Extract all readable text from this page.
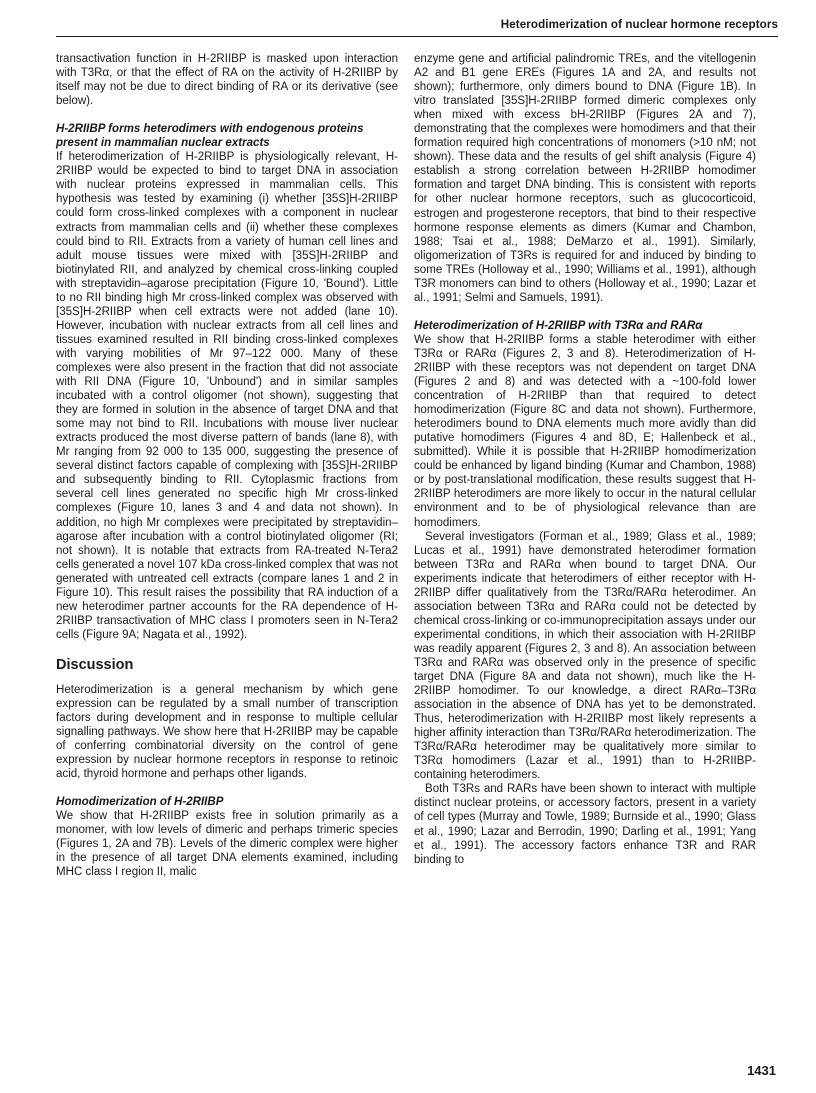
Heterodimerization of nuclear hormone receptors

transactivation function in H-2RIIBP is masked upon interaction with T3Rα, or that the effect of RA on the activity of H-2RIIBP by itself may not be due to direct binding of RA or its derivative (see below).

H-2RIIBP forms heterodimers with endogenous proteins present in mammalian nuclear extracts

If heterodimerization of H-2RIIBP is physiologically relevant, H-2RIIBP would be expected to bind to target DNA in association with nuclear proteins expressed in mammalian cells. This hypothesis was tested by examining (i) whether [35S]H-2RIIBP could form cross-linked complexes with a component in nuclear extracts from mammalian cells and (ii) whether these complexes could bind to RII. Extracts from a variety of human cell lines and adult mouse tissues were mixed with [35S]H-2RIIBP and biotinylated RII, and analyzed by chemical cross-linking coupled with streptavidin–agarose precipitation (Figure 10, 'Bound'). Little to no RII binding high Mr cross-linked complex was observed with [35S]H-2RIIBP when cell extracts were not added (lane 10). However, incubation with nuclear extracts from all cell lines and tissues examined resulted in RII binding cross-linked complexes with varying mobilities of Mr 97–122 000. Many of these complexes were also present in the fraction that did not associate with RII DNA (Figure 10, 'Unbound') and in similar samples incubated with a control oligomer (not shown), suggesting that they are formed in solution in the absence of target DNA and that some may not bind to RII. Incubations with mouse liver nuclear extracts produced the most diverse pattern of bands (lane 8), with Mr ranging from 92 000 to 135 000, suggesting the presence of several distinct factors capable of complexing with [35S]H-2RIIBP and subsequently binding to RII. Cytoplasmic fractions from several cell lines generated no specific high Mr cross-linked complexes (Figure 10, lanes 3 and 4 and data not shown). In addition, no high Mr complexes were precipitated by streptavidin–agarose after incubation with a control biotinylated oligomer (RI; not shown). It is notable that extracts from RA-treated N-Tera2 cells generated a novel 107 kDa cross-linked complex that was not generated with untreated cell extracts (compare lanes 1 and 2 in Figure 10). This result raises the possibility that RA induction of a new heterodimer partner accounts for the RA dependence of H-2RIIBP transactivation of MHC class I promoters seen in N-Tera2 cells (Figure 9A; Nagata et al., 1992).

Discussion

Heterodimerization is a general mechanism by which gene expression can be regulated by a small number of transcription factors during development and in response to multiple cellular signalling pathways. We show here that H-2RIIBP may be capable of conferring combinatorial diversity on the control of gene expression by nuclear hormone receptors in response to retinoic acid, thyroid hormone and perhaps other ligands.

Homodimerization of H-2RIIBP

We show that H-2RIIBP exists free in solution primarily as a monomer, with low levels of dimeric and perhaps trimeric species (Figures 1, 2A and 7B). Levels of the dimeric complex were higher in the presence of all target DNA elements examined, including MHC class I region II, malic

enzyme gene and artificial palindromic TREs, and the vitellogenin A2 and B1 gene EREs (Figures 1A and 2A, and results not shown); furthermore, only dimers bound to DNA (Figure 1B). In vitro translated [35S]H-2RIIBP formed dimeric complexes only when mixed with excess bH-2RIIBP (Figures 2A and 7), demonstrating that the complexes were homodimers and that their formation required high concentrations of monomers (>10 nM; not shown). These data and the results of gel shift analysis (Figure 4) establish a strong correlation between H-2RIIBP homodimer formation and target DNA binding. This is consistent with reports for other nuclear hormone receptors, such as glucocorticoid, estrogen and progesterone receptors, that bind to their respective hormone response elements as dimers (Kumar and Chambon, 1988; Tsai et al., 1988; DeMarzo et al., 1991). Similarly, oligomerization of T3Rs is required for and induced by binding to some TREs (Holloway et al., 1990; Williams et al., 1991), although T3R monomers can bind to others (Holloway et al., 1990; Lazar et al., 1991; Selmi and Samuels, 1991).

Heterodimerization of H-2RIIBP with T3Rα and RARα

We show that H-2RIIBP forms a stable heterodimer with either T3Rα or RARα (Figures 2, 3 and 8). Heterodimerization of H-2RIIBP with these receptors was not dependent on target DNA (Figures 2 and 8) and was detected with a ~100-fold lower concentration of H-2RIIBP than that required to detect homodimerization (Figure 8C and data not shown). Furthermore, heterodimers bound to DNA elements much more avidly than did putative homodimers (Figures 4 and 8D, E; Hallenbeck et al., submitted). While it is possible that H-2RIIBP homodimerization could be enhanced by ligand binding (Kumar and Chambon, 1988) or by post-translational modification, these results suggest that H-2RIIBP heterodimers are more likely to occur in the natural cellular environment and to be of physiological relevance than are homodimers.

Several investigators (Forman et al., 1989; Glass et al., 1989; Lucas et al., 1991) have demonstrated heterodimer formation between T3Rα and RARα when bound to target DNA. Our experiments indicate that heterodimers of either receptor with H-2RIIBP differ qualitatively from the T3Rα/RARα heterodimer. An association between T3Rα and RARα could not be detected by chemical cross-linking or co-immunoprecipitation assays under our experimental conditions, in which their association with H-2RIIBP was readily apparent (Figures 2, 3 and 8). An association between T3Rα and RARα was observed only in the presence of specific target DNA (Figure 8A and data not shown), much like the H-2RIIBP homodimer. To our knowledge, a direct RARα–T3Rα association in the absence of DNA has yet to be demonstrated. Thus, heterodimerization with H-2RIIBP most likely represents a higher affinity interaction than T3Rα/RARα heterodimerization. The T3Rα/RARα heterodimer may be qualitatively more similar to T3Rα homodimers (Lazar et al., 1991) than to H-2RIIBP-containing heterodimers.

Both T3Rs and RARs have been shown to interact with multiple distinct nuclear proteins, or accessory factors, present in a variety of cell types (Murray and Towle, 1989; Burnside et al., 1990; Glass et al., 1990; Lazar and Berrodin, 1990; Darling et al., 1991; Yang et al., 1991). The accessory factors enhance T3R and RAR binding to

1431
